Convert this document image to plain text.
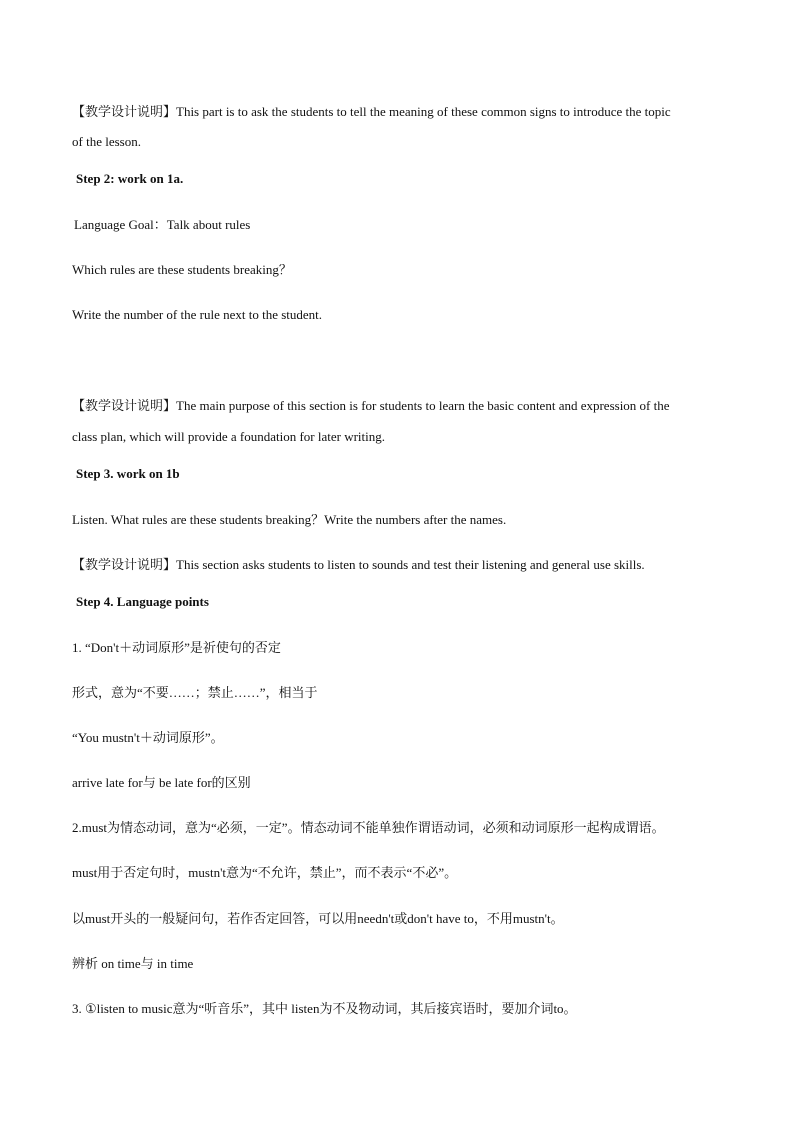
【教学设计说明】This part is to ask the students to tell the meaning of these common signs to introduce the topic
of the lesson.
Step 2: work on 1a.
Language Goal：Talk about rules
Which rules are these students breaking？
Write the number of the rule next to the student.
【教学设计说明】The main purpose of this section is for students to learn the basic content and expression of the
class plan, which will provide a foundation for later writing.
Step 3. work on 1b
Listen. What rules are these students breaking？Write the numbers after the names.
【教学设计说明】This section asks students to listen to sounds and test their listening and general use skills.
Step 4. Language points
1. “Don't＋动词原形”是祈使句的否定
形式，意为“不要……；禁止……”，相当于
“You mustn't＋动词原形”。
arrive late for与 be late for的区别
2.must为情态动词，意为“必须，一定”。情态动词不能单独作谓语动词，必须和动词原形一起构成谓语。
must用于否定句时，mustn't意为“不允许，禁止”，而不表示“不必”。
以must开头的一般疑问句，若作否定回答，可以用needn't或don't have to，不用mustn't。
辨析 on time与 in time
3. ①listen to music意为“听音乐”，其中 listen为不及物动词，其后接宾语时，要加介词to。
